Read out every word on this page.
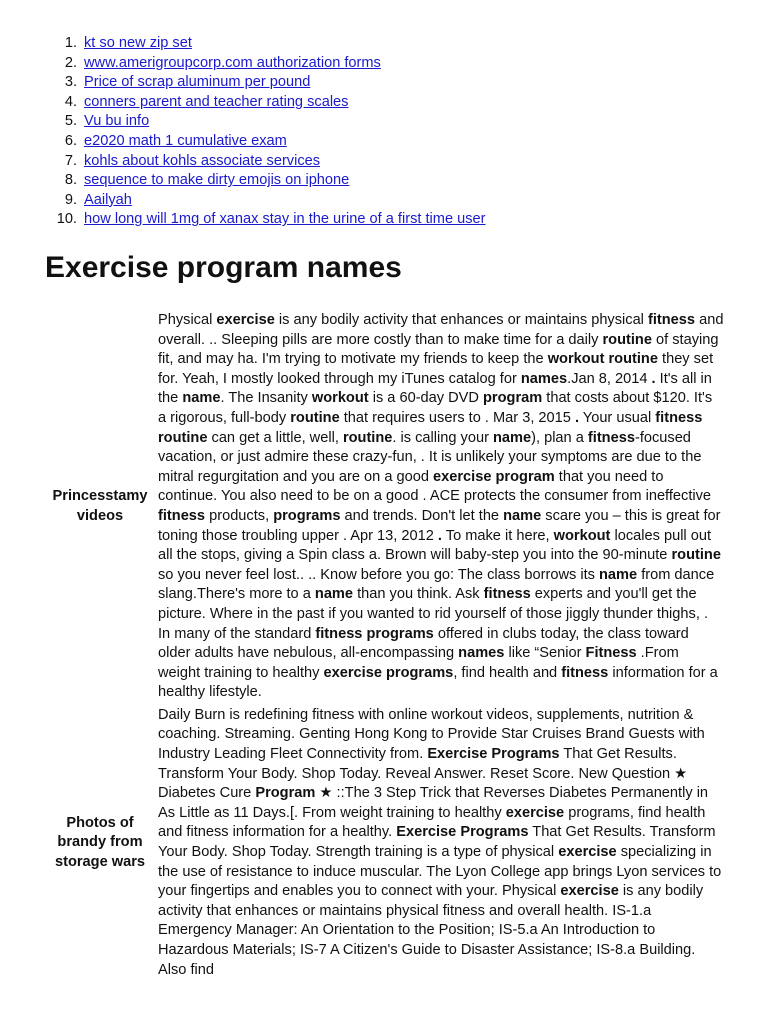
1. kt so new zip set
2. www.amerigroupcorp.com authorization forms
3. Price of scrap aluminum per pound
4. conners parent and teacher rating scales
5. Vu bu info
6. e2020 math 1 cumulative exam
7. kohls about kohls associate services
8. sequence to make dirty emojis on iphone
9. Aailyah
10. how long will 1mg of xanax stay in the urine of a first time user
Exercise program names
Princesstamy videos
Physical exercise is any bodily activity that enhances or maintains physical fitness and overall. .. Sleeping pills are more costly than to make time for a daily routine of staying fit, and may ha. I'm trying to motivate my friends to keep the workout routine they set for. Yeah, I mostly looked through my iTunes catalog for names.Jan 8, 2014 . It's all in the name. The Insanity workout is a 60-day DVD program that costs about $120. It's a rigorous, full-body routine that requires users to . Mar 3, 2015 . Your usual fitness routine can get a little, well, routine. is calling your name), plan a fitness-focused vacation, or just admire these crazy-fun, . It is unlikely your symptoms are due to the mitral regurgitation and you are on a good exercise program that you need to continue. You also need to be on a good . ACE protects the consumer from ineffective fitness products, programs and trends. Don't let the name scare you – this is great for toning those troubling upper . Apr 13, 2012 . To make it here, workout locales pull out all the stops, giving a Spin class a. Brown will baby-step you into the 90-minute routine so you never feel lost.. .. Know before you go: The class borrows its name from dance slang.There's more to a name than you think. Ask fitness experts and you'll get the picture. Where in the past if you wanted to rid yourself of those jiggly thunder thighs, . In many of the standard fitness programs offered in clubs today, the class toward older adults have nebulous, all-encompassing names like “Senior Fitness .From weight training to healthy exercise programs, find health and fitness information for a healthy lifestyle.
Photos of brandy from storage wars
Daily Burn is redefining fitness with online workout videos, supplements, nutrition & coaching. Streaming. Genting Hong Kong to Provide Star Cruises Brand Guests with Industry Leading Fleet Connectivity from. Exercise Programs That Get Results. Transform Your Body. Shop Today. Reveal Answer. Reset Score. New Question ★ Diabetes Cure Program ★ ::The 3 Step Trick that Reverses Diabetes Permanently in As Little as 11 Days.[. From weight training to healthy exercise programs, find health and fitness information for a healthy. Exercise Programs That Get Results. Transform Your Body. Shop Today. Strength training is a type of physical exercise specializing in the use of resistance to induce muscular. The Lyon College app brings Lyon services to your fingertips and enables you to connect with your. Physical exercise is any bodily activity that enhances or maintains physical fitness and overall health. IS-1.a Emergency Manager: An Orientation to the Position; IS-5.a An Introduction to Hazardous Materials; IS-7 A Citizen's Guide to Disaster Assistance; IS-8.a Building. Also find
